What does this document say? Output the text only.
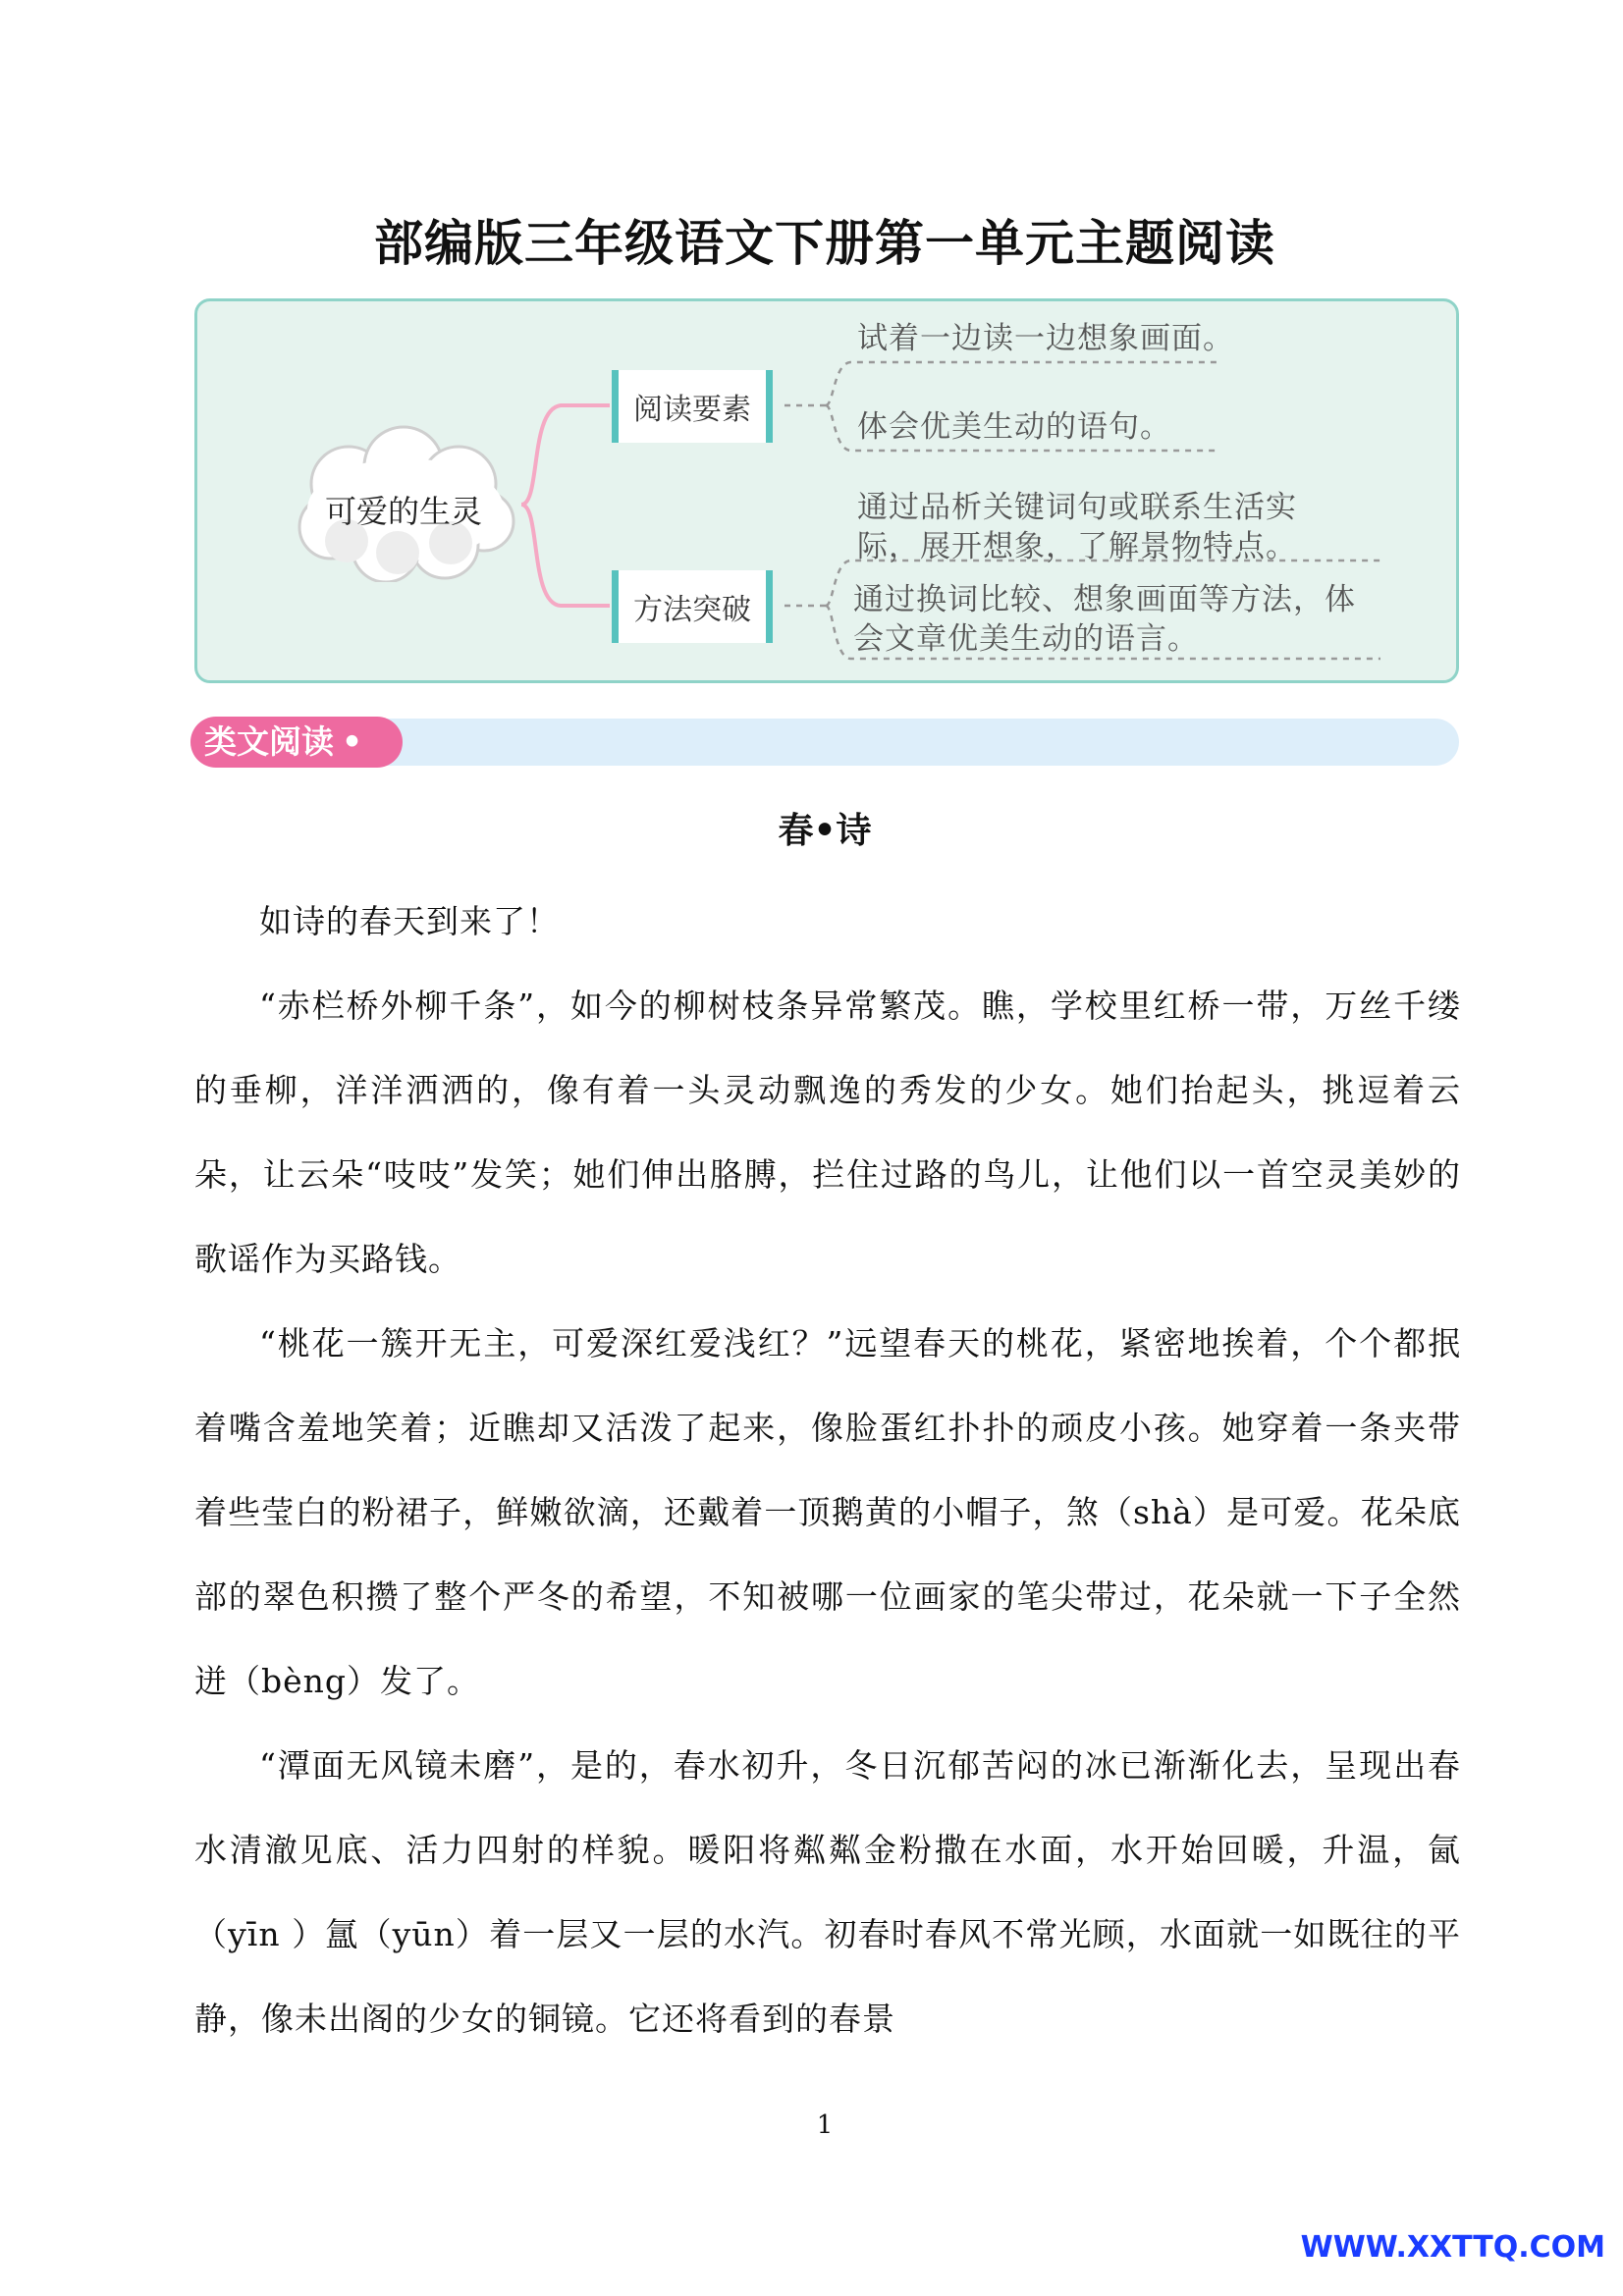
部编版三年级语文下册第一单元主题阅读
可爱的生灵
阅读要素
方法突破
试着一边读一边想象画面。
体会优美生动的语句。
通过品析关键词句或联系生活实际，展开想象，了解景物特点。
通过换词比较、想象画面等方法，体会文章优美生动的语言。
类文阅读 •
春•诗

如诗的春天到来了！

“赤栏桥外柳千条”，如今的柳树枝条异常繁茂。瞧，学校里红桥一带，万丝千缕的垂柳，洋洋洒洒的，像有着一头灵动飘逸的秀发的少女。她们抬起头，挑逗着云朵，让云朵“吱吱”发笑；她们伸出胳膊，拦住过路的鸟儿，让他们以一首空灵美妙的歌谣作为买路钱。

“桃花一簇开无主，可爱深红爱浅红？”远望春天的桃花，紧密地挨着，个个都抿着嘴含羞地笑着；近瞧却又活泼了起来，像脸蛋红扑扑的顽皮小孩。她穿着一条夹带着些莹白的粉裙子，鲜嫩欲滴，还戴着一顶鹅黄的小帽子，煞（shà）是可爱。花朵底部的翠色积攒了整个严冬的希望，不知被哪一位画家的笔尖带过，花朵就一下子全然迸（bèng）发了。

“潭面无风镜未磨”，是的，春水初升，冬日沉郁苦闷的冰已渐渐化去，呈现出春水清澈见底、活力四射的样貌。暖阳将粼粼金粉撒在水面，水开始回暖，升温，氤（yīn ）氲（yūn）着一层又一层的水汽。初春时春风不常光顾，水面就一如既往的平静，像未出阁的少女的铜镜。它还将看到的春景

1
WWW.XXTTQ.COM
